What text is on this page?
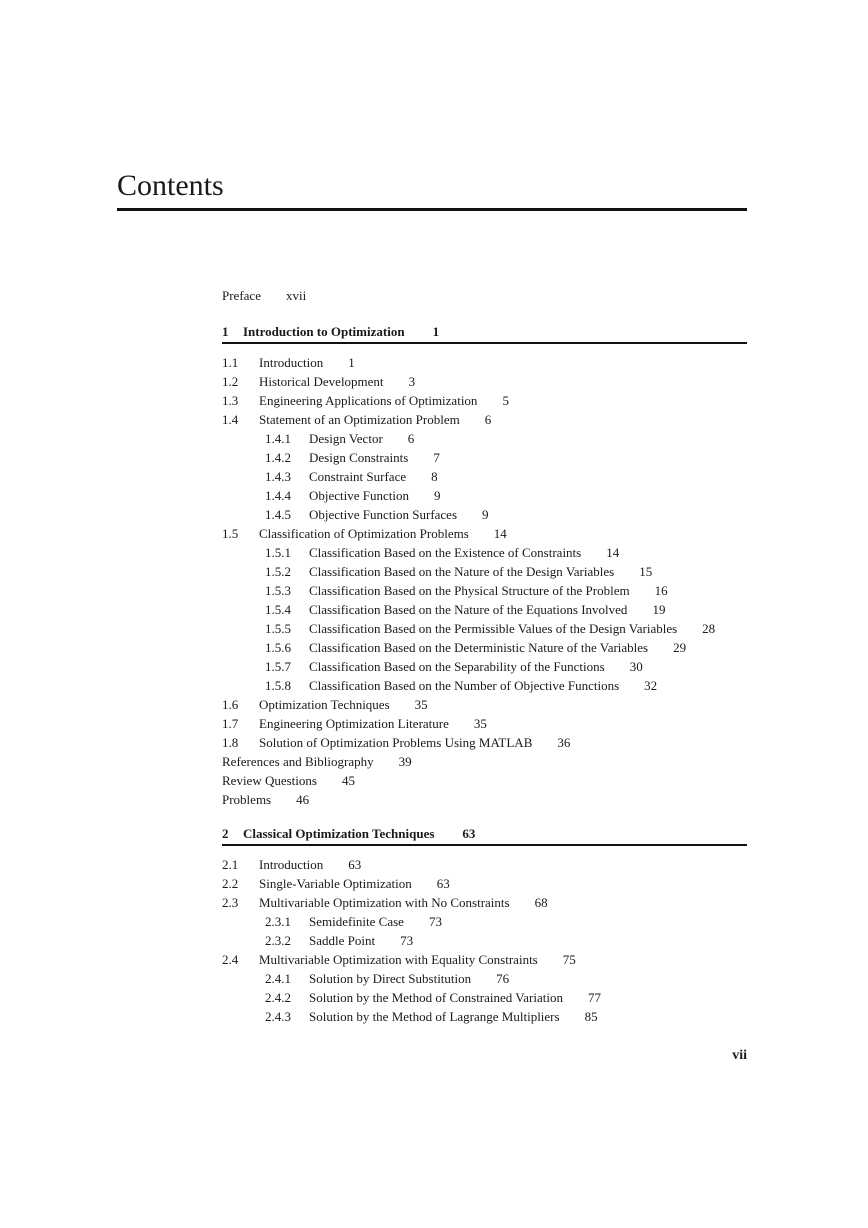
Contents
Preface xvii
1 Introduction to Optimization 1
1.1 Introduction 1
1.2 Historical Development 3
1.3 Engineering Applications of Optimization 5
1.4 Statement of an Optimization Problem 6
1.4.1 Design Vector 6
1.4.2 Design Constraints 7
1.4.3 Constraint Surface 8
1.4.4 Objective Function 9
1.4.5 Objective Function Surfaces 9
1.5 Classification of Optimization Problems 14
1.5.1 Classification Based on the Existence of Constraints 14
1.5.2 Classification Based on the Nature of the Design Variables 15
1.5.3 Classification Based on the Physical Structure of the Problem 16
1.5.4 Classification Based on the Nature of the Equations Involved 19
1.5.5 Classification Based on the Permissible Values of the Design Variables 28
1.5.6 Classification Based on the Deterministic Nature of the Variables 29
1.5.7 Classification Based on the Separability of the Functions 30
1.5.8 Classification Based on the Number of Objective Functions 32
1.6 Optimization Techniques 35
1.7 Engineering Optimization Literature 35
1.8 Solution of Optimization Problems Using MATLAB 36
References and Bibliography 39
Review Questions 45
Problems 46
2 Classical Optimization Techniques 63
2.1 Introduction 63
2.2 Single-Variable Optimization 63
2.3 Multivariable Optimization with No Constraints 68
2.3.1 Semidefinite Case 73
2.3.2 Saddle Point 73
2.4 Multivariable Optimization with Equality Constraints 75
2.4.1 Solution by Direct Substitution 76
2.4.2 Solution by the Method of Constrained Variation 77
2.4.3 Solution by the Method of Lagrange Multipliers 85
vii
